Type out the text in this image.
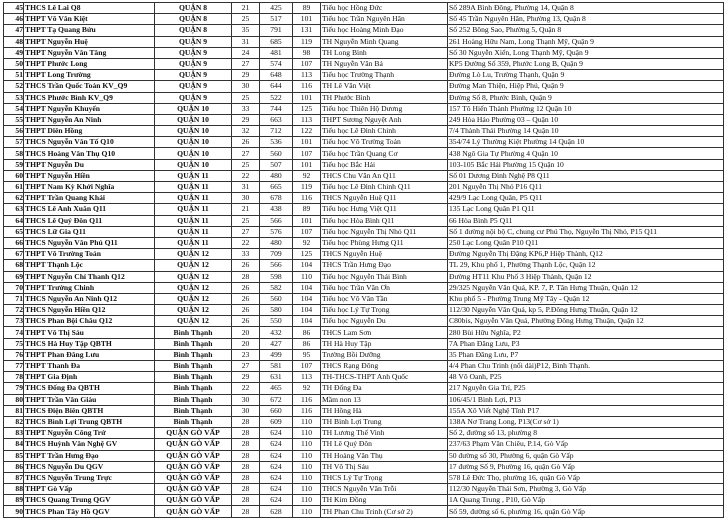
45	THCS Lê Lai Q8	QUẬN 8	21	425	89	Tiểu học Hồng Đức	Số 289A Bình Đông, Phường 14, Quận 8
46	THPT Võ Văn Kiệt	QUẬN 8	25	517	101	Tiểu học Trần Nguyên Hãn	Số 45 Trần Nguyên Hãn, Phường 13, Quận 8
47	THPT Tạ Quang Bửu	QUẬN 8	35	791	131	Tiểu học Hoàng Minh Đạo	Số 252 Bông Sao, Phường 5, Quận 8
48	THPT Nguyễn Huệ	QUẬN 9	31	685	119	TH Nguyễn Minh Quang	261 Hoàng Hữu Nam, Long Thạnh Mỹ, Quận 9
49	THPT Nguyễn Văn Tăng	QUẬN 9	24	481	98	TH Long Bình	Số 30 Nguyễn Xiển, Long Thạnh Mỹ, Quận 9
50	THPT Phước Long	QUẬN 9	27	574	107	TH Nguyễn Văn Bá	KP5 Đường Số 359, Phước Long B, Quận 9
51	THPT Long Trường	QUẬN 9	29	648	113	Tiểu học Trường Thạnh	Đường Lò Lu, Trường Thạnh, Quận 9
52	THCS Trần Quốc Toản KV_Q9	QUẬN 9	30	644	116	TH Lê Văn Việt	Đường Man Thiện, Hiệp Phú, Quận 9
53	THCS Phước Bình KV_Q9	QUẬN 9	25	522	101	TH Phước Bình	Đường Số 8, Phước Bình, Quận 9
54	THPT Nguyễn Khuyến	QUẬN 10	33	744	125	Tiểu học Thiên Hộ Dương	157 Tô Hiến Thành Phường 12 Quận 10
55	THPT Nguyễn An Ninh	QUẬN 10	29	663	113	THPT Sương Nguyệt Anh	249 Hòa Hảo Phường 03 – Quận 10
56	THPT Diên Hồng	QUẬN 10	32	712	122	Tiểu học Lê Đình Chinh	7/4 Thành Thái Phường 14 Quận 10
57	THCS Nguyễn Văn Tố Q10	QUẬN 10	26	536	101	Tiểu học Võ Trường Toản	354/74 Lý Thường Kiệt Phường 14 Quận 10
58	THCS Hoàng Văn Thụ Q10	QUẬN 10	27	560	107	Tiểu học Trần Quang Cơ	438 Ngô Gia Tự Phường 4 Quận 10
59	THPT Nguyễn Du	QUẬN 10	25	507	101	Tiểu học Bắc Hải	103-105 Bắc Hải Phường 15 Quận 10
60	THPT Nguyễn Hiền	QUẬN 11	22	480	92	THCS Chu Văn An Q11	Số 01 Dương Đình Nghệ P8 Q11
61	THPT Nam Kỳ Khởi Nghĩa	QUẬN 11	31	665	119	Tiểu học Lê Đình Chinh Q11	201 Nguyễn Thị Nhỏ P16 Q11
62	THPT Trần Quang Khải	QUẬN 11	30	678	116	THCS Nguyễn Huệ Q11	429/9 Lạc Long Quân, P5 Q11
63	THCS Lê Anh Xuân Q11	QUẬN 11	21	438	89	Tiểu học Hưng Việt Q11	135 Lạc Long Quân P1 Q11
64	THCS Lê Quý Đôn Q11	QUẬN 11	25	566	101	Tiểu học Hòa Bình Q11	66 Hòa Bình P5 Q11
65	THCS Lữ Gia Q11	QUẬN 11	27	576	107	Tiểu học Nguyễn Thị Nhỏ Q11	Số 1 đường nội bộ C, chung cư Phú Thọ, Nguyễn Thị Nhỏ, P15 Q11
66	THCS Nguyễn Văn Phú Q11	QUẬN 11	22	480	92	Tiểu học Phùng Hưng Q11	250 Lạc Long Quân P10 Q11
67	THPT Võ Trường Toản	QUẬN 12	33	709	125	THCS Nguyễn Huệ	Đường Nguyễn Thị Đặng KP6,P Hiệp Thành, Q12
68	THPT Thạnh Lộc	QUẬN 12	26	566	104	THCS Trần Hưng Đạo	TL 29, Khu phố 1, Phường Thạnh Lộc, Quận 12
69	THPT Nguyễn Chí Thanh Q12	QUẬN 12	28	598	110	Tiểu học Nguyễn Thái Bình	Đường HT11 Khu Phố 3 Hiệp Thành, Quận 12
70	THPT Trường Chinh	QUẬN 12	26	582	104	Tiểu học Trần Văn Ơn	29/325 Nguyễn Văn Quá, KP. 7, P. Tân Hưng Thuận, Quận 12
71	THCS Nguyễn An Ninh Q12	QUẬN 12	26	560	104	Tiểu học Võ Văn Tần	Khu phố 5 - Phường Trung Mỹ Tây - Quận 12
72	THCS Nguyễn Hiền Q12	QUẬN 12	26	580	104	Tiểu học Lý Tự Trọng	112/30 Nguyễn Văn Quá, kp 5, P.Đông Hưng Thuận, Quận 12
73	THCS Phan Bội Châu Q12	QUẬN 12	26	550	104	Tiểu học Nguyễn Du	C80bis, Nguyễn Văn Quá, Phường Đông Hưng Thuận, Quận 12
74	THPT Võ Thị Sáu	Bình Thạnh	20	432	86	THCS Lam Sơn	280 Bùi Hữu Nghĩa, P2
75	THCS Hà Huy Tập QBTH	Bình Thạnh	20	427	86	TH Hà Huy Tập	7A Phan Đăng Lưu, P3
76	THPT Phan Đăng Lưu	Bình Thạnh	23	499	95	Trường Bồi Dưỡng	35 Phan Đăng Lưu, P7
77	THPT Thanh Đa	Bình Thạnh	27	581	107	THCS Rạng Đông	4/4 Phan Chu Trinh (nối dài)P12, Bình Thạnh.
78	THPT Gia Định	Bình Thạnh	29	631	113	TH-THCS-THPT Anh Quốc	48 Võ Oanh, P25
79	THCS Đống Đa QBTH	Bình Thạnh	22	465	92	TH Đống Đa	217 Nguyễn Gia Trí, P25
80	THPT Trần Văn Giàu	Bình Thạnh	30	672	116	Mầm non 13	106/45/1 Bình Lợi, P13
81	THCS Điện Biên QBTH	Bình Thạnh	30	660	116	TH Hồng Hà	155A Xô Viết Nghệ Tĩnh P17
82	THCS Bình Lợi Trung QBTH	Bình Thạnh	28	609	110	TH Bình Lợi Trung	138A Nơ Trang Long, P13(Cơ sở 1)
83	THPT Nguyễn Công Trứ	QUẬN GÒ VẤP	28	624	110	TH Lương Thế Vinh	Số 2, đường số 13, phường 8
84	THCS Huỳnh Văn Nghệ GV	QUẬN GÒ VẤP	28	624	110	TH Lê Quý Đôn	237/63 Phạm Văn Chiêu, P.14, Gò Vấp
85	THPT Trần Hưng Đạo	QUẬN GÒ VẤP	28	624	110	TH Hoàng Văn Thụ	50 đường số 30, Phường 6, quận Gò Vấp
86	THCS Nguyễn Du QGV	QUẬN GÒ VẤP	28	624	110	TH Võ Thị Sáu	17 đường Số 9, Phường 16, quận Gò Vấp
87	THCS Nguyễn Trung Trực	QUẬN GÒ VẤP	28	624	110	THCS Lý Tự Trọng	578 Lê Đức Thọ, phường 16, quận Gò Vấp
88	THPT Gò Vấp	QUẬN GÒ VẤP	28	624	110	THCS Nguyễn Văn Trỗi	112/30 Nguyễn Thái Sơn, Phường 3, Gò Vấp
89	THCS Quang Trung QGV	QUẬN GÒ VẤP	28	624	110	TH Kim Đồng	1A Quang Trung , P10, Gò Vấp
90	THCS Phan Tây Hồ QGV	QUẬN GÒ VẤP	28	628	110	TH Phan Chu Trinh (Cơ sở 2)	Số 59, đường số 6, phường 16, quận Gò Vấp
